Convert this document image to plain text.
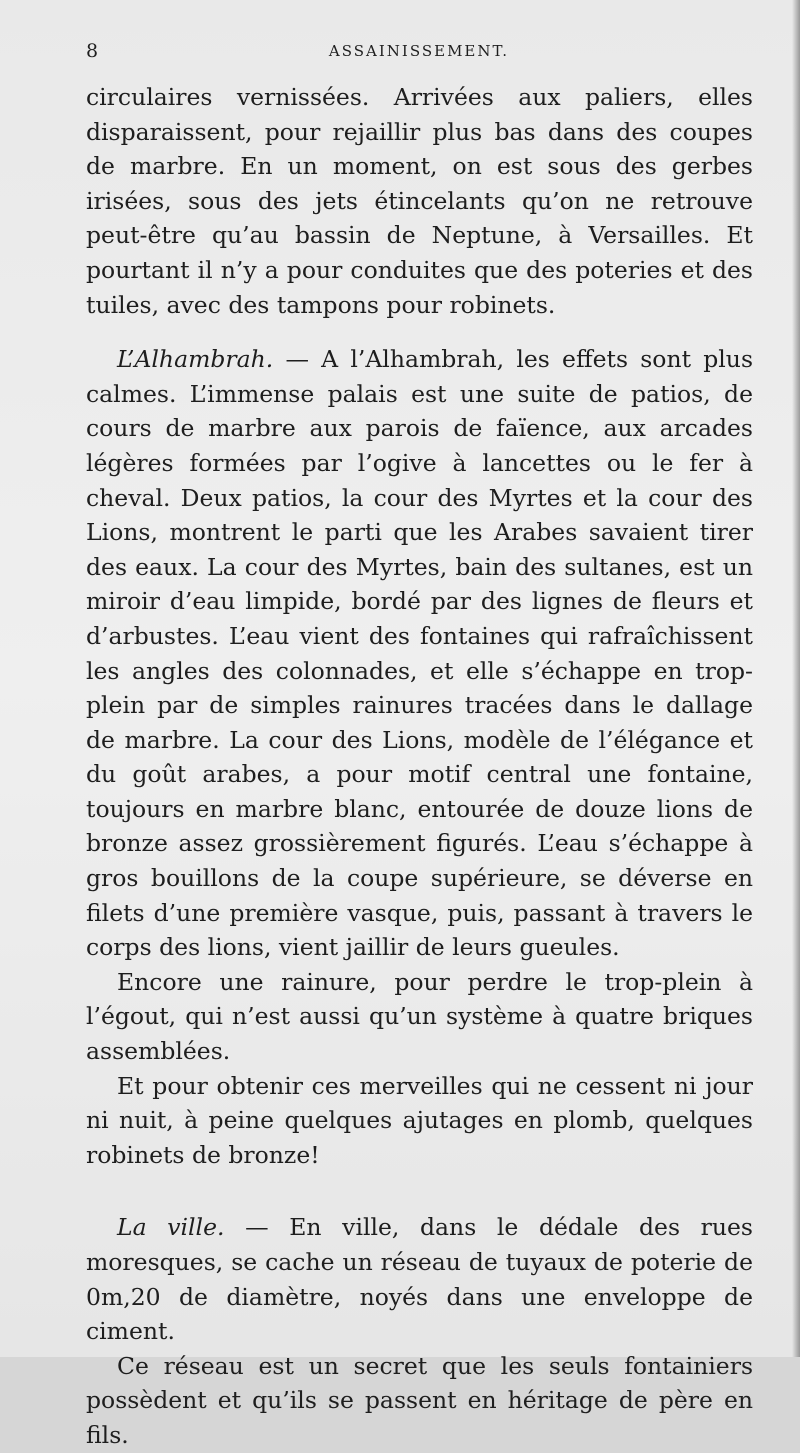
8	ASSAINISSEMENT.

circulaires vernissées. Arrivées aux paliers, elles disparaissent, pour rejaillir plus bas dans des coupes de marbre. En un moment, on est sous des gerbes irisées, sous des jets étincelants qu’on ne retrouve peut-être qu’au bassin de Neptune, à Versailles. Et pourtant il n’y a pour conduites que des poteries et des tuiles, avec des tampons pour robinets.

L’Alhambrah. — A l’Alhambrah, les effets sont plus calmes. L’immense palais est une suite de patios, de cours de marbre aux parois de faïence, aux arcades légères formées par l’ogive à lancettes ou le fer à cheval. Deux patios, la cour des Myrtes et la cour des Lions, montrent le parti que les Arabes savaient tirer des eaux. La cour des Myrtes, bain des sultanes, est un miroir d’eau limpide, bordé par des lignes de fleurs et d’arbustes. L’eau vient des fontaines qui rafraîchissent les angles des colonnades, et elle s’échappe en trop-plein par de simples rainures tracées dans le dallage de marbre. La cour des Lions, modèle de l’élégance et du goût arabes, a pour motif central une fontaine, toujours en marbre blanc, entourée de douze lions de bronze assez grossièrement figurés. L’eau s’échappe à gros bouillons de la coupe supérieure, se déverse en filets d’une première vasque, puis, passant à travers le corps des lions, vient jaillir de leurs gueules.

Encore une rainure, pour perdre le trop-plein à l’égout, qui n’est aussi qu’un système à quatre briques assemblées.

Et pour obtenir ces merveilles qui ne cessent ni jour ni nuit, à peine quelques ajutages en plomb, quelques robinets de bronze!

La ville. — En ville, dans le dédale des rues moresques, se cache un réseau de tuyaux de poterie de 0m,20 de diamètre, noyés dans une enveloppe de ciment.

Ce réseau est un secret que les seuls fontainiers possèdent et qu’ils se passent en héritage de père en fils.
